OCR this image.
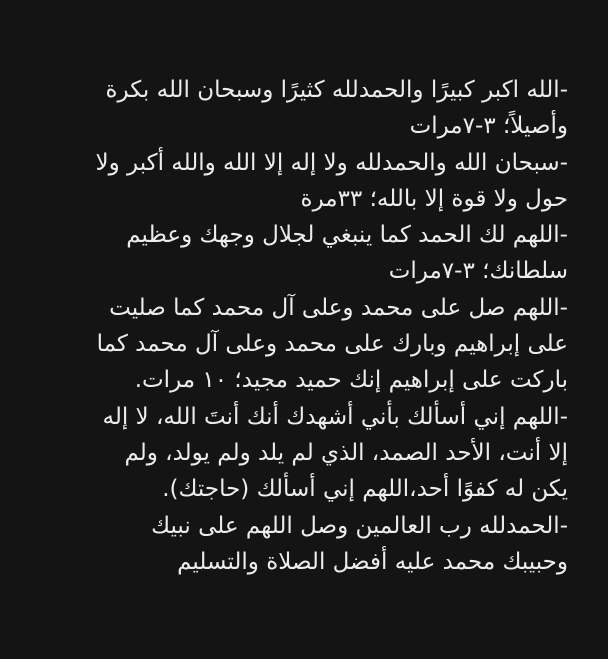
-الله اكبر كبيرًا والحمدلله كثيرًا وسبحان الله بكرة
وأصيلاً؛ ٣-٧مرات
-سبحان الله والحمدلله ولا إله إلا الله والله أكبر ولا
حول ولا قوة إلا بالله؛ ٣٣مرة
-اللهم لك الحمد كما ينبغي لجلال وجهك وعظيم
سلطانك؛ ٣-٧مرات
-اللهم صل على محمد وعلى آل محمد كما صليت
على إبراهيم وبارك على محمد وعلى آل محمد كما
باركت على إبراهيم إنك حميد مجيد؛ ١٠ مرات.
-اللهم إني أسألك بأني أشهدك أنك أنتَ الله، لا إله
إلا أنت، الأحد الصمد، الذي لم يلد ولم يولد، ولم
يكن له كفوًا أحد،اللهم إني أسألك (حاجتك).
-الحمدلله رب العالمين وصل اللهم على نبيك
وحبيبك محمد عليه أفضل الصلاة والتسليم
